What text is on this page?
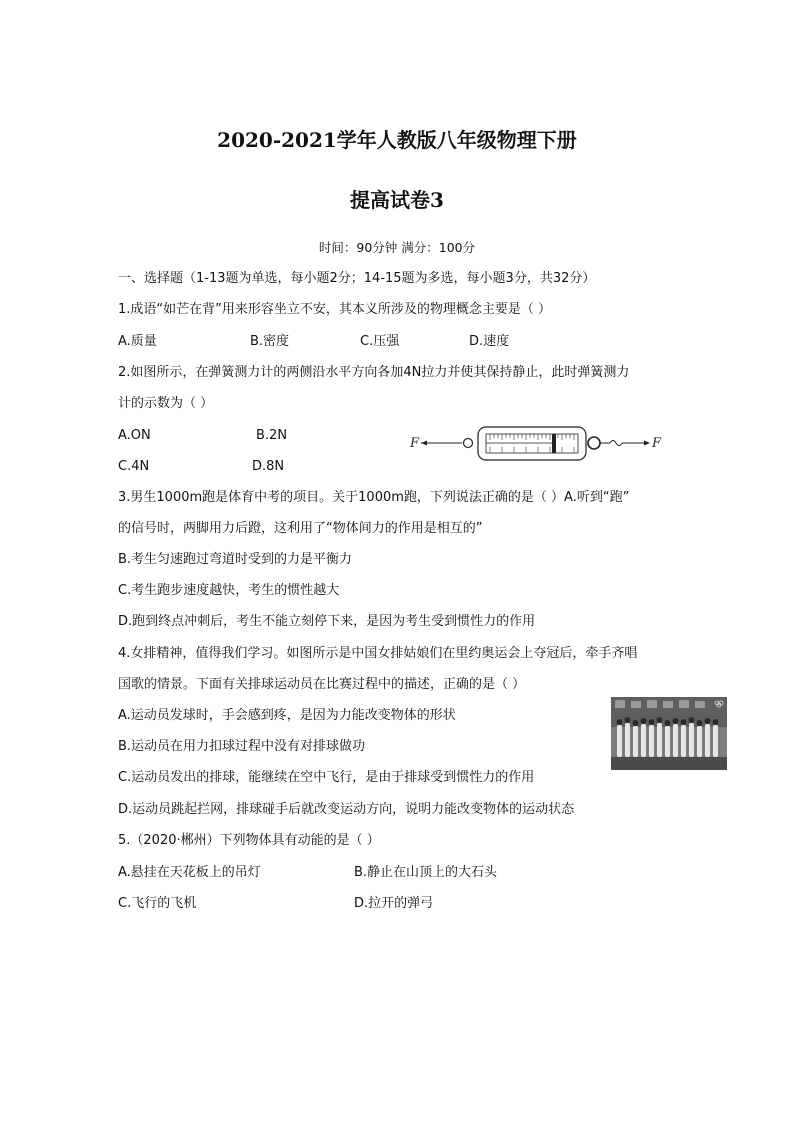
2020-2021学年人教版八年级物理下册
提高试卷3
时间：90分钟 满分：100分
一、选择题（1-13题为单选，每小题2分；14-15题为多选，每小题3分，共32分）
1.成语“如芒在背”用来形容坐立不安，其本义所涉及的物理概念主要是（ ）
A.质量	B.密度	C.压强	D.速度
2.如图所示，在弹簧测力计的两侧沿水平方向各加4N拉力并使其保持静止，此时弹簧测力
计的示数为（ ）
A.ON	B.2N
C.4N	D.8N
F	F
3.男生1000m跑是体育中考的项目。关于1000m跑，下列说法正确的是（ ）A.听到“跑”
的信号时，两脚用力后蹬，这利用了“物体间力的作用是相互的”
B.考生匀速跑过弯道时受到的力是平衡力
C.考生跑步速度越快，考生的惯性越大
D.跑到终点冲刺后，考生不能立刻停下来，是因为考生受到惯性力的作用
4.女排精神，值得我们学习。如图所示是中国女排姑娘们在里约奥运会上夺冠后，牵手齐唱
国歌的情景。下面有关排球运动员在比赛过程中的描述，正确的是（ ）
A.运动员发球时，手会感到疼，是因为力能改变物体的形状
B.运动员在用力扣球过程中没有对排球做功
C.运动员发出的排球，能继续在空中飞行，是由于排球受到惯性力的作用
D.运动员跳起拦网，排球碰手后就改变运动方向，说明力能改变物体的运动状态
5.（2020·郴州）下列物体具有动能的是（ ）
A.悬挂在天花板上的吊灯	B.静止在山顶上的大石头
C.飞行的飞机	D.拉开的弹弓
